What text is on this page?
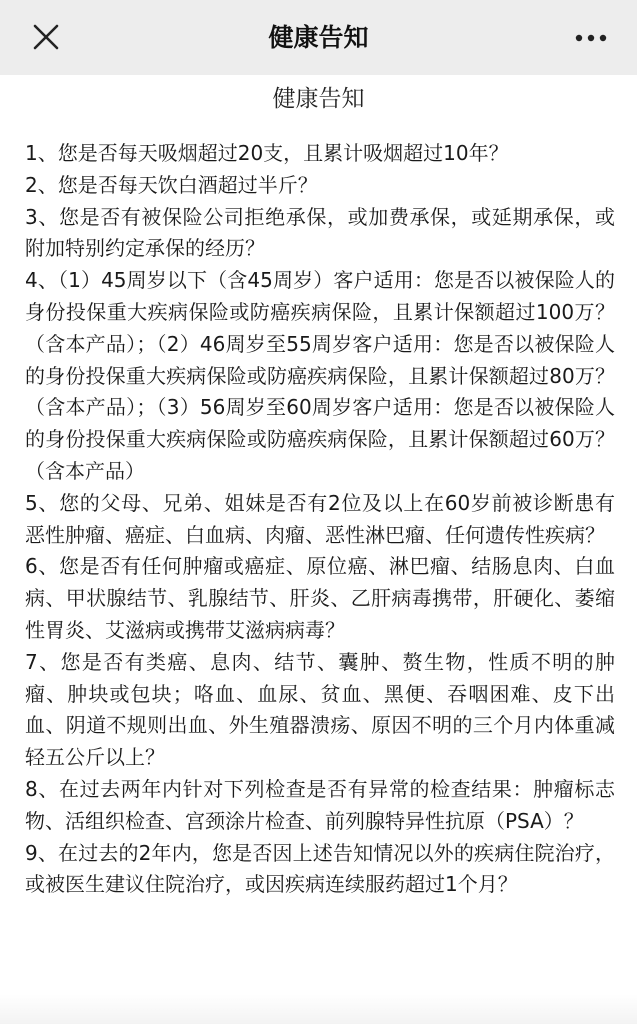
健康告知
健康告知

1、您是否每天吸烟超过20支，且累计吸烟超过10年？

2、您是否每天饮白酒超过半斤？

3、您是否有被保险公司拒绝承保，或加费承保，或延期承保，或附加特别约定承保的经历？

4、（1）45周岁以下（含45周岁）客户适用：您是否以被保险人的身份投保重大疾病保险或防癌疾病保险，且累计保额超过100万？（含本产品）；（2）46周岁至55周岁客户适用：您是否以被保险人的身份投保重大疾病保险或防癌疾病保险，且累计保额超过80万？（含本产品）；（3）56周岁至60周岁客户适用：您是否以被保险人的身份投保重大疾病保险或防癌疾病保险，且累计保额超过60万？（含本产品）

5、您的父母、兄弟、姐妹是否有2位及以上在60岁前被诊断患有恶性肿瘤、癌症、白血病、肉瘤、恶性淋巴瘤、任何遗传性疾病？

6、您是否有任何肿瘤或癌症、原位癌、淋巴瘤、结肠息肉、白血病、甲状腺结节、乳腺结节、肝炎、乙肝病毒携带，肝硬化、萎缩性胃炎、艾滋病或携带艾滋病病毒？

7、您是否有类癌、息肉、结节、囊肿、赘生物，性质不明的肿瘤、肿块或包块；咯血、血尿、贫血、黑便、吞咽困难、皮下出血、阴道不规则出血、外生殖器溃疡、原因不明的三个月内体重减轻五公斤以上？

8、在过去两年内针对下列检查是否有异常的检查结果：肿瘤标志物、活组织检查、宫颈涂片检查、前列腺特异性抗原（PSA）？

9、在过去的2年内，您是否因上述告知情况以外的疾病住院治疗，或被医生建议住院治疗，或因疾病连续服药超过1个月？
